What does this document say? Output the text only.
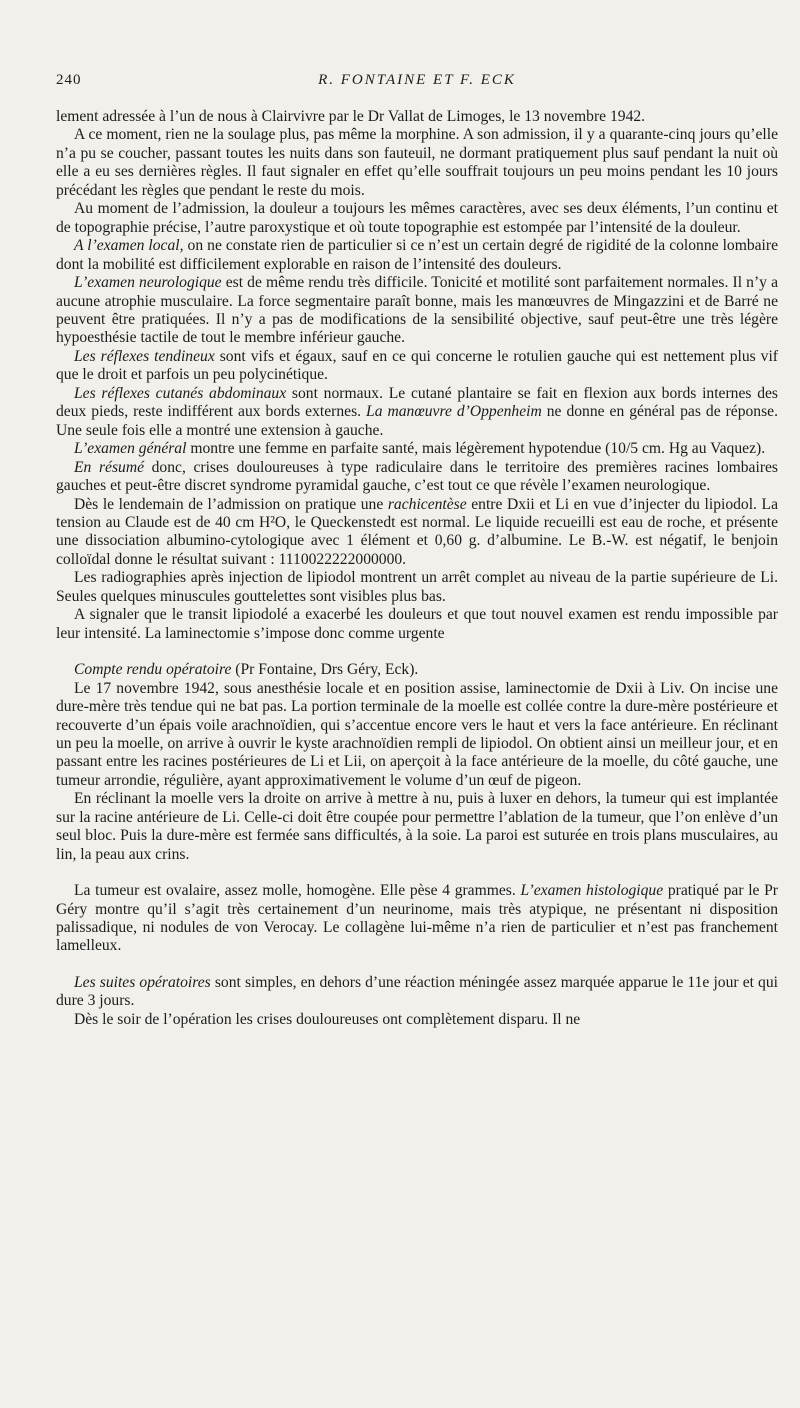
240	R. FONTAINE ET F. ECK

lement adressée à l’un de nous à Clairvivre par le Dr Vallat de Limoges, le 13 novembre 1942.

A ce moment, rien ne la soulage plus, pas même la morphine. A son admission, il y a quarante-cinq jours qu’elle n’a pu se coucher, passant toutes les nuits dans son fauteuil, ne dormant pratiquement plus sauf pendant la nuit où elle a eu ses dernières règles. Il faut signaler en effet qu’elle souffrait toujours un peu moins pendant les 10 jours précédant les règles que pendant le reste du mois.

Au moment de l’admission, la douleur a toujours les mêmes caractères, avec ses deux éléments, l’un continu et de topographie précise, l’autre paroxystique et où toute topographie est estompée par l’intensité de la douleur.

A l’examen local, on ne constate rien de particulier si ce n’est un certain degré de rigidité de la colonne lombaire dont la mobilité est difficilement explorable en raison de l’intensité des douleurs.

L’examen neurologique est de même rendu très difficile. Tonicité et motilité sont parfaitement normales. Il n’y a aucune atrophie musculaire. La force segmentaire paraît bonne, mais les manœuvres de Mingazzini et de Barré ne peuvent être pratiquées. Il n’y a pas de modifications de la sensibilité objective, sauf peut-être une très légère hypoesthésie tactile de tout le membre inférieur gauche.

Les réflexes tendineux sont vifs et égaux, sauf en ce qui concerne le rotulien gauche qui est nettement plus vif que le droit et parfois un peu polycinétique.

Les réflexes cutanés abdominaux sont normaux. Le cutané plantaire se fait en flexion aux bords internes des deux pieds, reste indifférent aux bords externes. La manœuvre d’Oppenheim ne donne en général pas de réponse. Une seule fois elle a montré une extension à gauche.

L’examen général montre une femme en parfaite santé, mais légèrement hypotendue (10/5 cm. Hg au Vaquez).

En résumé donc, crises douloureuses à type radiculaire dans le territoire des premières racines lombaires gauches et peut-être discret syndrome pyramidal gauche, c’est tout ce que révèle l’examen neurologique.

Dès le lendemain de l’admission on pratique une rachicentèse entre Dxii et Li en vue d’injecter du lipiodol. La tension au Claude est de 40 cm H²O, le Queckenstedt est normal. Le liquide recueilli est eau de roche, et présente une dissociation albumino-cytologique avec 1 élément et 0,60 g. d’albumine. Le B.-W. est négatif, le benjoin colloïdal donne le résultat suivant : 1110022222000000.

Les radiographies après injection de lipiodol montrent un arrêt complet au niveau de la partie supérieure de Li. Seules quelques minuscules gouttelettes sont visibles plus bas.

A signaler que le transit lipiodolé a exacerbé les douleurs et que tout nouvel examen est rendu impossible par leur intensité. La laminectomie s’impose donc comme urgente

Compte rendu opératoire (Pr Fontaine, Drs Géry, Eck).

Le 17 novembre 1942, sous anesthésie locale et en position assise, laminectomie de Dxii à Liv. On incise une dure-mère très tendue qui ne bat pas. La portion terminale de la moelle est collée contre la dure-mère postérieure et recouverte d’un épais voile arachnoïdien, qui s’accentue encore vers le haut et vers la face antérieure. En réclinant un peu la moelle, on arrive à ouvrir le kyste arachnoïdien rempli de lipiodol. On obtient ainsi un meilleur jour, et en passant entre les racines postérieures de Li et Lii, on aperçoit à la face antérieure de la moelle, du côté gauche, une tumeur arrondie, régulière, ayant approximativement le volume d’un œuf de pigeon.

En réclinant la moelle vers la droite on arrive à mettre à nu, puis à luxer en dehors, la tumeur qui est implantée sur la racine antérieure de Li. Celle-ci doit être coupée pour permettre l’ablation de la tumeur, que l’on enlève d’un seul bloc. Puis la dure-mère est fermée sans difficultés, à la soie. La paroi est suturée en trois plans musculaires, au lin, la peau aux crins.

La tumeur est ovalaire, assez molle, homogène. Elle pèse 4 grammes. L’examen histologique pratiqué par le Pr Géry montre qu’il s’agit très certainement d’un neurinome, mais très atypique, ne présentant ni disposition palissadique, ni nodules de von Verocay. Le collagène lui-même n’a rien de particulier et n’est pas franchement lamelleux.

Les suites opératoires sont simples, en dehors d’une réaction méningée assez marquée apparue le 11e jour et qui dure 3 jours.

Dès le soir de l’opération les crises douloureuses ont complètement disparu. Il ne
